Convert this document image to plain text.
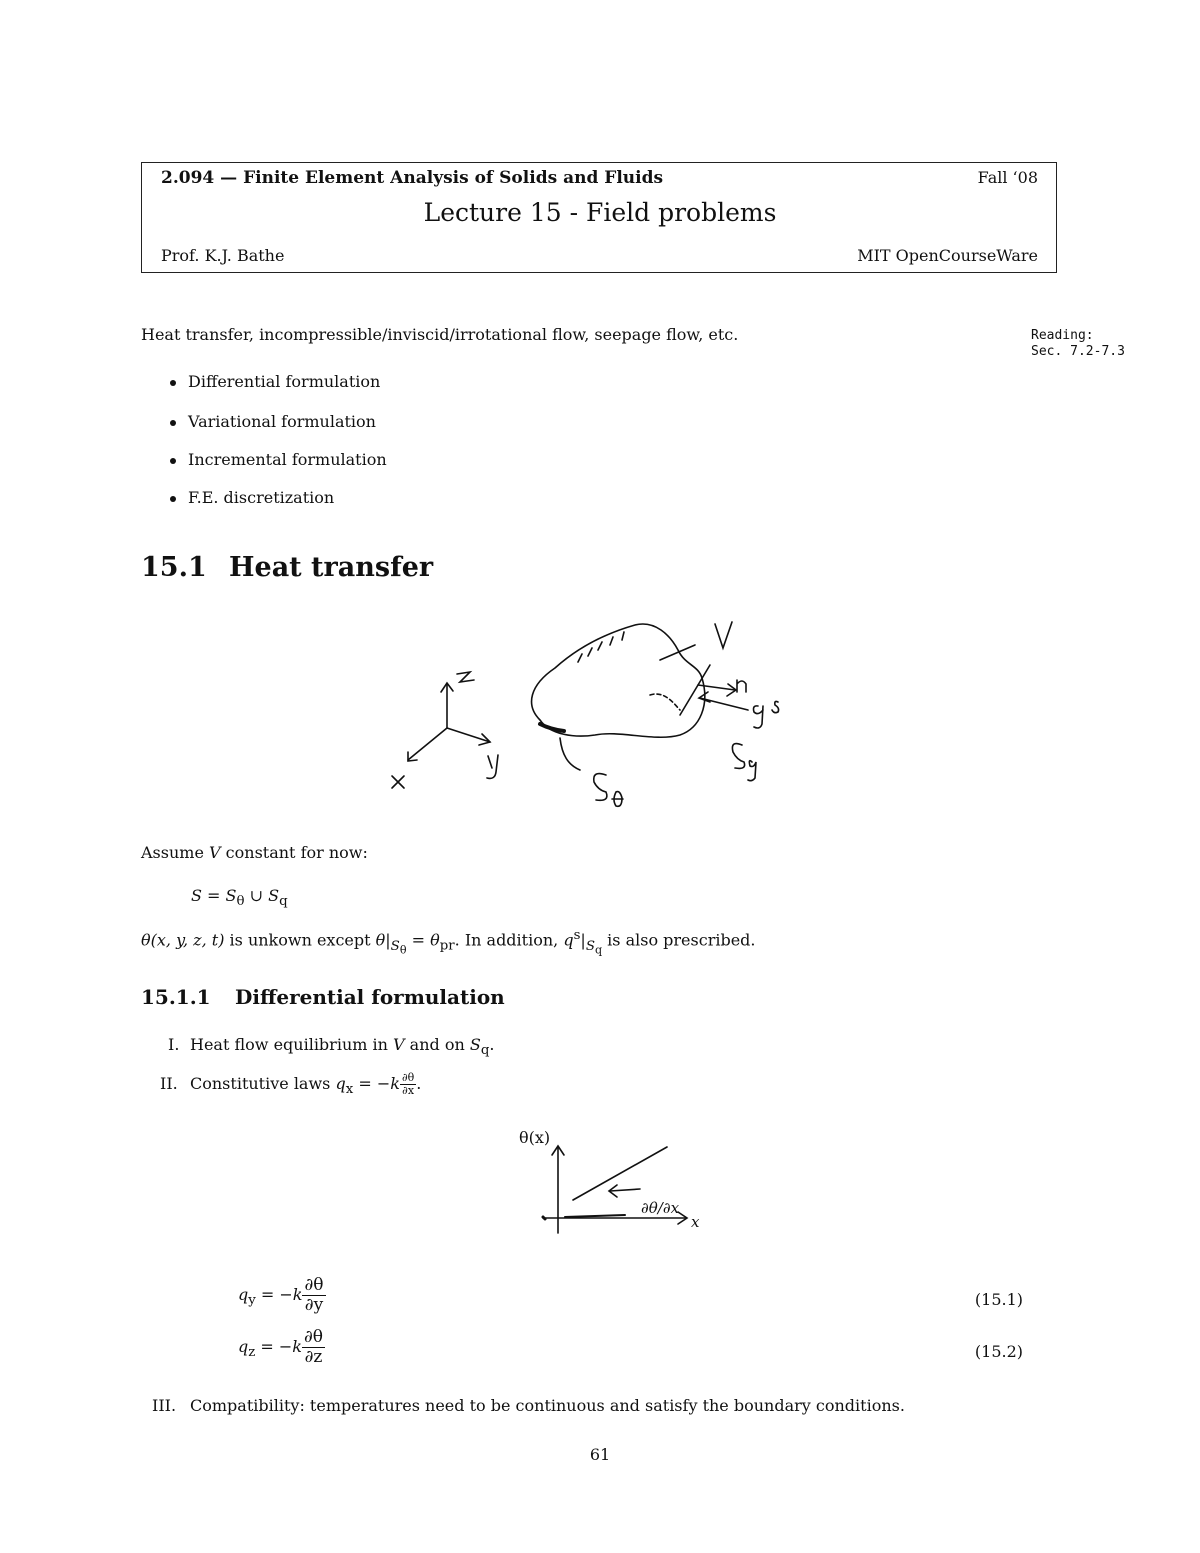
2.094 — Finite Element Analysis of Solids and Fluids	Fall ‘08
Lecture 15 - Field problems
Prof. K.J. Bathe	MIT OpenCourseWare
Heat transfer, incompressible/inviscid/irrotational flow, seepage flow, etc.	Reading:
Sec. 7.2-7.3
Differential formulation
Variational formulation
Incremental formulation
F.E. discretization
15.1 Heat transfer
Assume V constant for now:
$S = S_\theta$ ∪ $S_q$
θ(x, y, z, t) is unkown except $\theta|_{S_\theta} = \theta_{pr}$. In addition, $q^s|_{S_q}$ is also prescribed.
15.1.1 Differential formulation
I. Heat flow equilibrium in V and on $S_q$.
II. Constitutive laws $q_x = -k \frac{\partial\theta}{\partial x}$ .
θ(x)
∂θ/∂x
x
$q_y = -k \frac{\partial\theta}{\partial y}$	(15.1)
$q_z = -k \frac{\partial\theta}{\partial z}$	(15.2)
III. Compatibility: temperatures need to be continuous and satisfy the boundary conditions.
61
